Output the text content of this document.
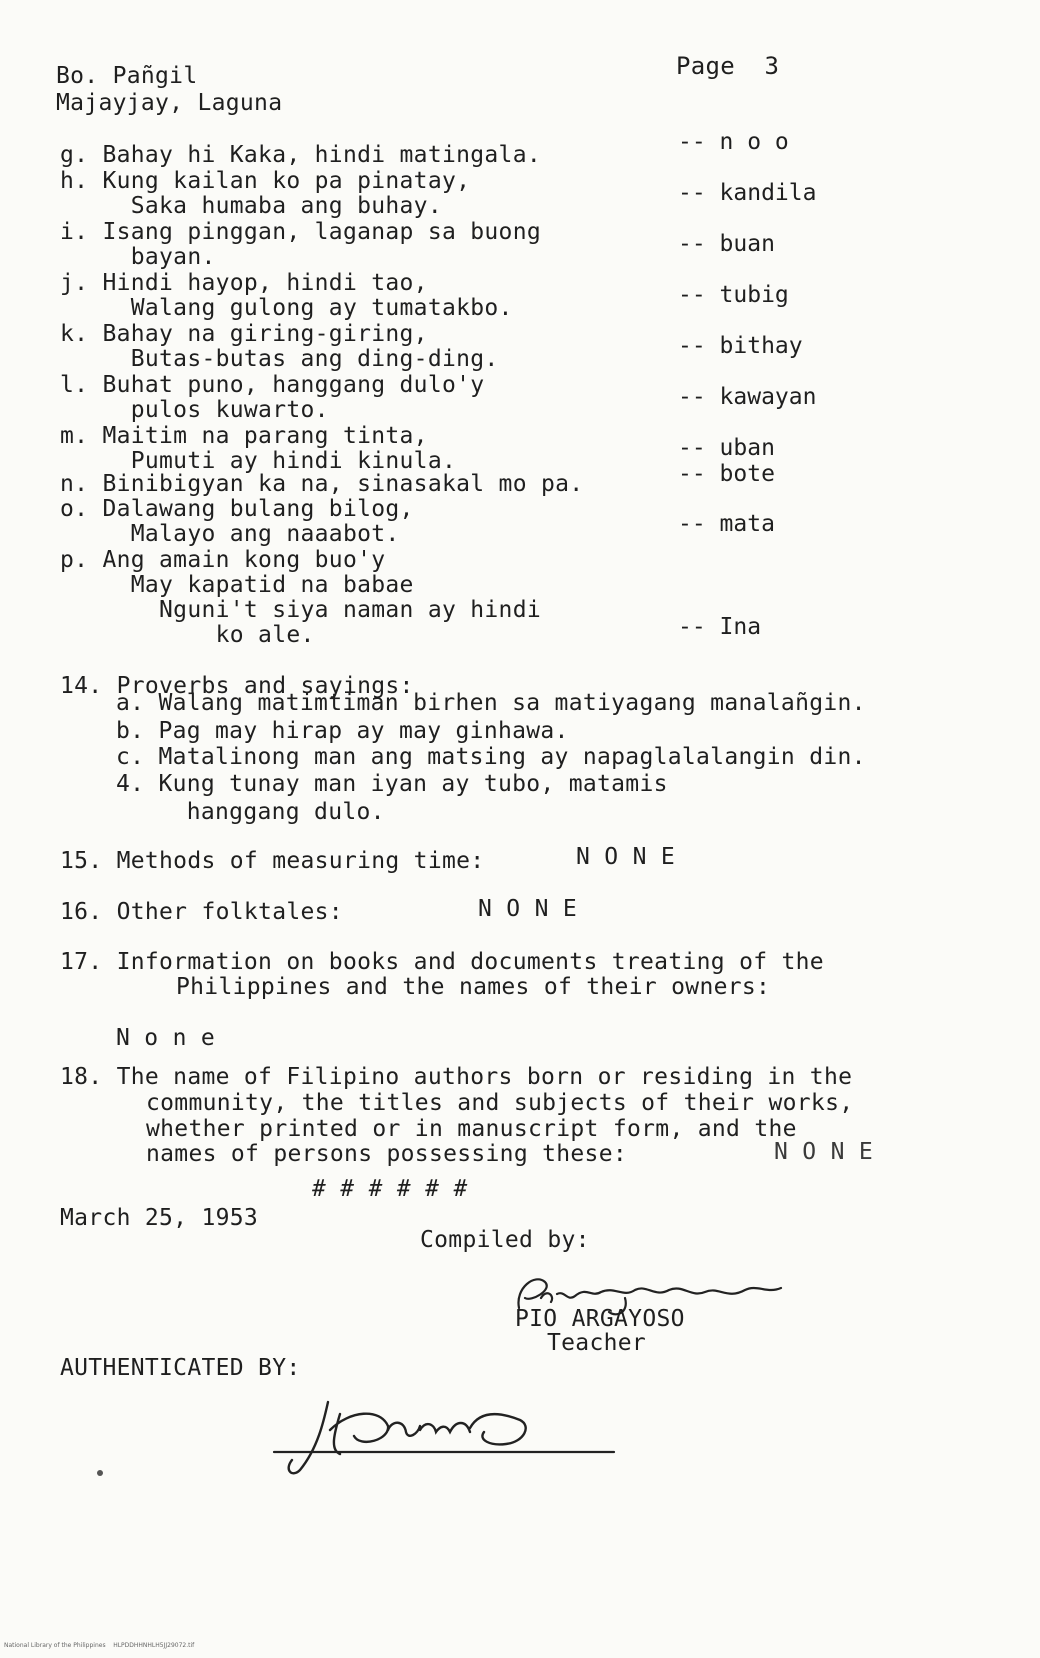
Bo. Pañgil
Majayjay, Laguna
Page  3
g. Bahay hi Kaka, hindi matingala.	-- n o o
h. Kung kailan ko pa pinatay,
Saka humaba ang buhay.	-- kandila
i. Isang pinggan, laganap sa buong
bayan.	-- buan
j. Hindi hayop, hindi tao,
Walang gulong ay tumatakbo.	-- tubig
k. Bahay na giring-giring,
Butas-butas ang ding-ding.	-- bithay
l. Buhat puno, hanggang dulo'y
pulos kuwarto.	-- kawayan
m. Maitim na parang tinta,
Pumuti ay hindi kinula.	-- uban
n. Binibigyan ka na, sinasakal mo pa.	-- bote
o. Dalawang bulang bilog,
Malayo ang naaabot.	-- mata
p. Ang amain kong buo'y
May kapatid na babae
Nguni't siya naman ay hindi
ko ale.	-- Ina
14. Proverbs and sayings:
a. Walang matimtiman birhen sa matiyagang manalañgin.
b. Pag may hirap ay may ginhawa.
c. Matalinong man ang matsing ay napaglalalangin din.
4. Kung tunay man iyan ay tubo, matamis
hanggang dulo.
15. Methods of measuring time:	N O N E
16. Other folktales:	N O N E
17. Information on books and documents treating of the
Philippines and the names of their owners:
N o n e
18. The name of Filipino authors born or residing in the
community, the titles and subjects of their works,
whether printed or in manuscript form, and the
names of persons possessing these:	N O N E
# # # # # #
March 25, 1953
Compiled by:
PIO ARGAYOSO
Teacher
AUTHENTICATED BY:
National Library of the Philippines    HLPDDHHNHLH5JJ29072.tif
